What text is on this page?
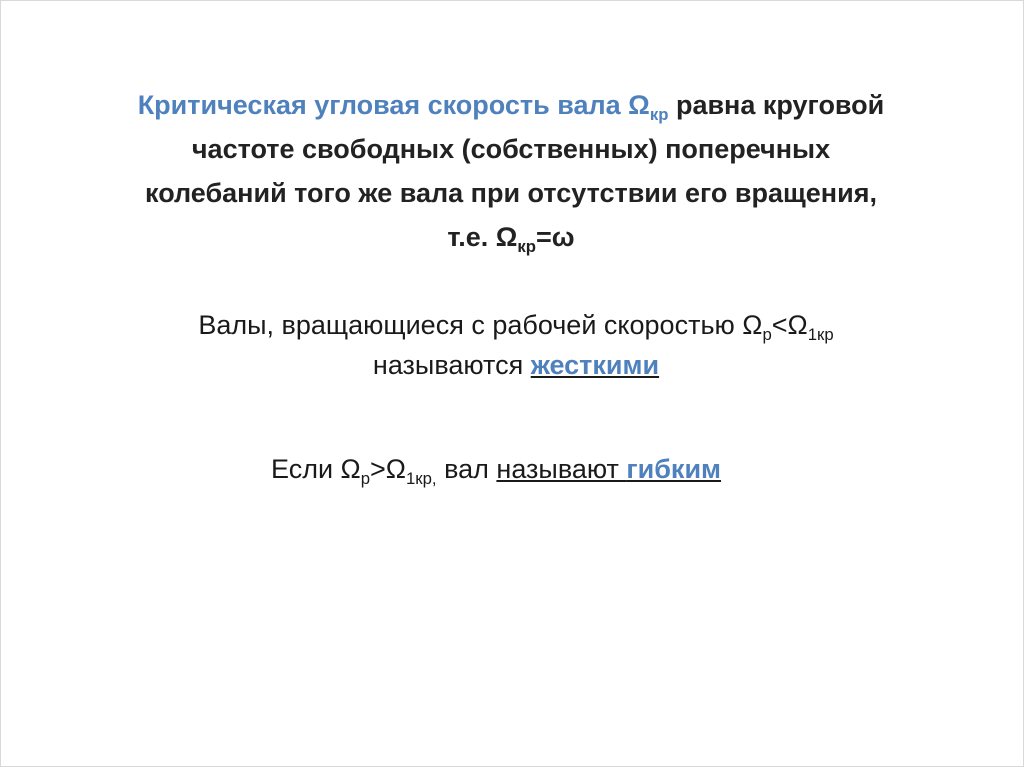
Критическая угловая скорость вала $\Omega_{кр}$ равна круговой
частоте свободных (собственных) поперечных
колебаний того же вала при отсутствии его вращения,
т.е. $\Omega_{кр}=\omega$
Валы, вращающиеся с рабочей скоростью $\Omega_р<\Omega_{1кр}$
называются жесткими
Если $\Omega_р>\Omega_{1кр,}$ вал называют гибким
